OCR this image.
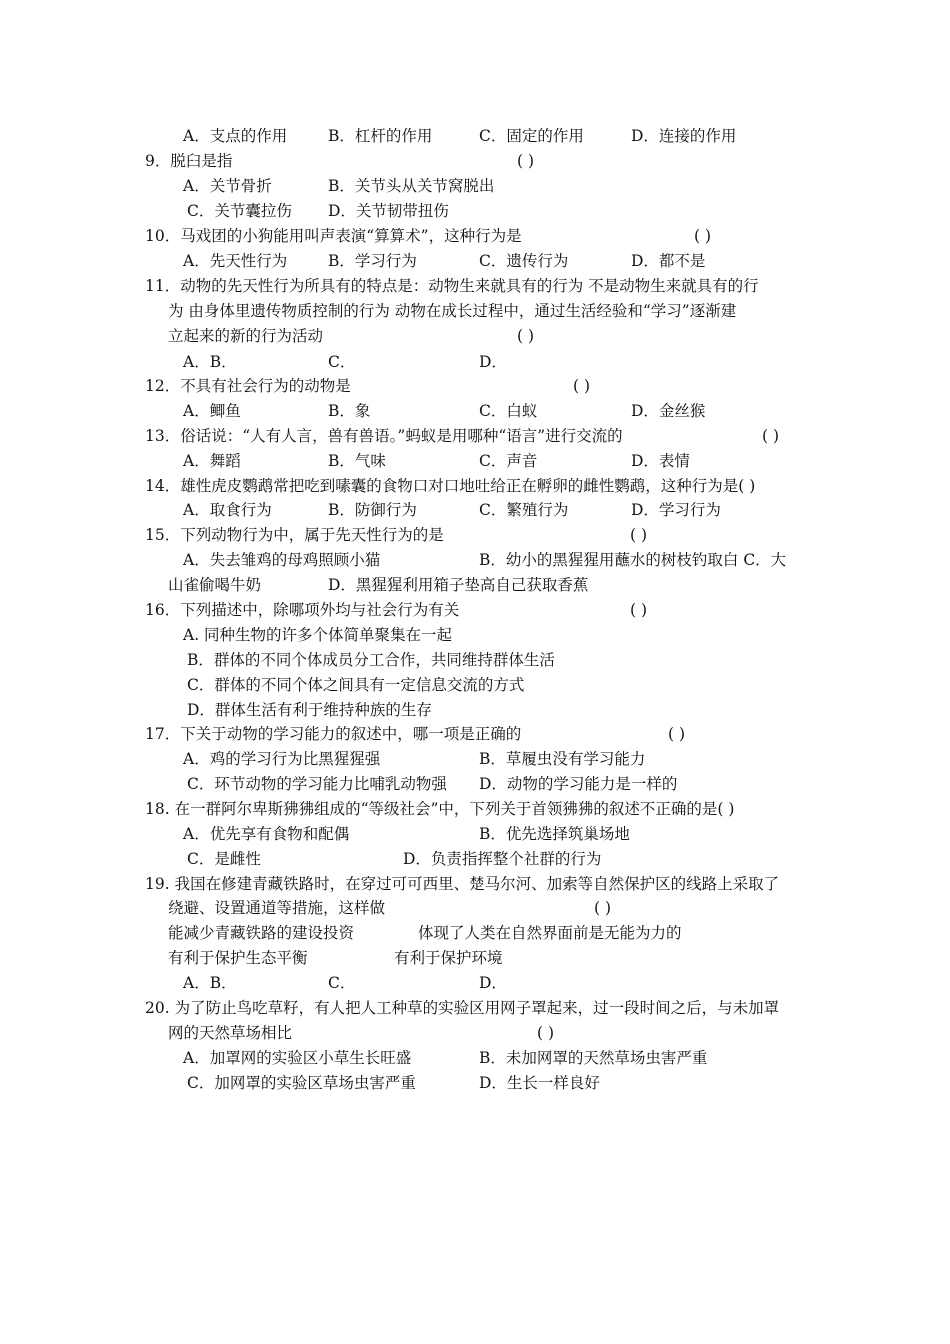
A．支点的作用	B．杠杆的作用	C．固定的作用	D．连接的作用
9．脱臼是指	( )
A．关节骨折	B．关节头从关节窝脱出
C．关节囊拉伤 D．关节韧带扭伤
10．马戏团的小狗能用叫声表演“算算术”，这种行为是	( )
A．先天性行为	B．学习行为	C．遗传行为	D．都不是
11．动物的先天性行为所具有的特点是：动物生来就具有的行为 不是动物生来就具有的行
为 由身体里遗传物质控制的行为 动物在成长过程中，通过生活经验和“学习”逐渐建
立起来的新的行为活动	( )
A．B．	C．	D．
12．不具有社会行为的动物是	( )
A．鲫鱼	B．象	C．白蚁	D．金丝猴
13．俗话说：“人有人言，兽有兽语。”蚂蚁是用哪种“语言”进行交流的	( )
A．舞蹈	B．气味	C．声音	D．表情
14．雄性虎皮鹦鹉常把吃到嗉囊的食物口对口地吐给正在孵卵的雌性鹦鹉，这种行为是( )
A．取食行为	B．防御行为	C．繁殖行为	D．学习行为
15．下列动物行为中，属于先天性行为的是	( )
A．失去雏鸡的母鸡照顾小猫	B．幼小的黑猩猩用蘸水的树枝钓取白 C．大
山雀偷喝牛奶	D．黑猩猩利用箱子垫高自己获取香蕉
16．下列描述中，除哪项外均与社会行为有关	( )
A. 同种生物的许多个体简单聚集在一起
B．群体的不同个体成员分工合作，共同维持群体生活
C．群体的不同个体之间具有一定信息交流的方式
D．群体生活有利于维持种族的生存
17．下关于动物的学习能力的叙述中，哪一项是正确的	( )
A．鸡的学习行为比黑猩猩强	B．草履虫没有学习能力
C．环节动物的学习能力比哺乳动物强 D．动物的学习能力是一样的
18. 在一群阿尔卑斯狒狒组成的“等级社会”中，下列关于首领狒狒的叙述不正确的是( )
A．优先享有食物和配偶	B．优先选择筑巢场地
C．是雌性	D．负责指挥整个社群的行为
19. 我国在修建青藏铁路时，在穿过可可西里、楚马尔河、加索等自然保护区的线路上采取了
绕避、设置通道等措施，这样做	( )
能减少青藏铁路的建设投资	体现了人类在自然界面前是无能为力的
有利于保护生态平衡	有利于保护环境
A．B．	C．	D．
20. 为了防止鸟吃草籽，有人把人工种草的实验区用网子罩起来，过一段时间之后，与未加罩
网的天然草场相比	( )
A．加罩网的实验区小草生长旺盛	B．未加网罩的天然草场虫害严重
C．加网罩的实验区草场虫害严重	D．生长一样良好
